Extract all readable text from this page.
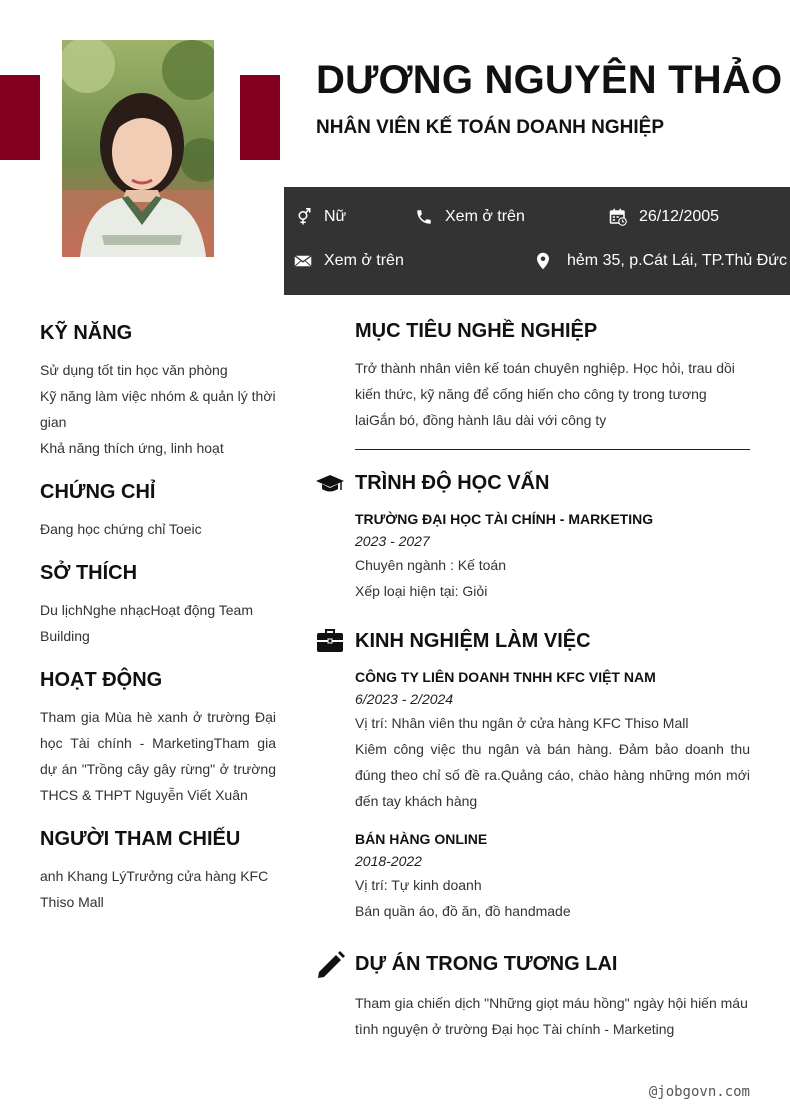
DƯƠNG NGUYÊN THẢO
NHÂN VIÊN KẾ TOÁN DOANH NGHIỆP
Nữ	Xem ở trên	26/12/2005
Xem ở trên	hẻm 35, p.Cát Lái, TP.Thủ Đức
KỸ NĂNG

Sử dụng tốt tin học văn phòng

Kỹ năng làm việc nhóm & quản lý thời gian

Khả năng thích ứng, linh hoạt

CHỨNG CHỈ

Đang học chứng chỉ Toeic

SỞ THÍCH

Du lịchNghe nhạcHoạt động Team Building

HOẠT ĐỘNG

Tham gia Mùa hè xanh ở trường Đại học Tài chính - MarketingTham gia dự án "Trồng cây gây rừng" ở trường THCS & THPT Nguyễn Viết Xuân

NGƯỜI THAM CHIẾU

anh Khang LýTrưởng cửa hàng KFC Thiso Mall

MỤC TIÊU NGHỀ NGHIỆP
Trở thành nhân viên kế toán chuyên nghiệp. Học hỏi, trau dồi kiến thức, kỹ năng để cống hiến cho công ty trong tương laiGắn bó, đồng hành lâu dài với công ty
TRÌNH ĐỘ HỌC VẤN
TRƯỜNG ĐẠI HỌC TÀI CHÍNH - MARKETING
2023 - 2027
Chuyên ngành : Kế toán
Xếp loại hiện tại: Giỏi
KINH NGHIỆM LÀM VIỆC
CÔNG TY LIÊN DOANH TNHH KFC VIỆT NAM
6/2023 - 2/2024
Vị trí: Nhân viên thu ngân ở cửa hàng KFC Thiso Mall
Kiêm công việc thu ngân và bán hàng. Đảm bảo doanh thu đúng theo chỉ số đề ra.Quảng cáo, chào hàng những món mới đến tay khách hàng
BÁN HÀNG ONLINE
2018-2022
Vị trí: Tự kinh doanh
Bán quần áo, đồ ăn, đồ handmade
DỰ ÁN TRONG TƯƠNG LAI
Tham gia chiến dịch "Những giọt máu hồng" ngày hội hiến máu tình nguyện ở trường Đại học Tài chính - Marketing
@jobgovn.com
